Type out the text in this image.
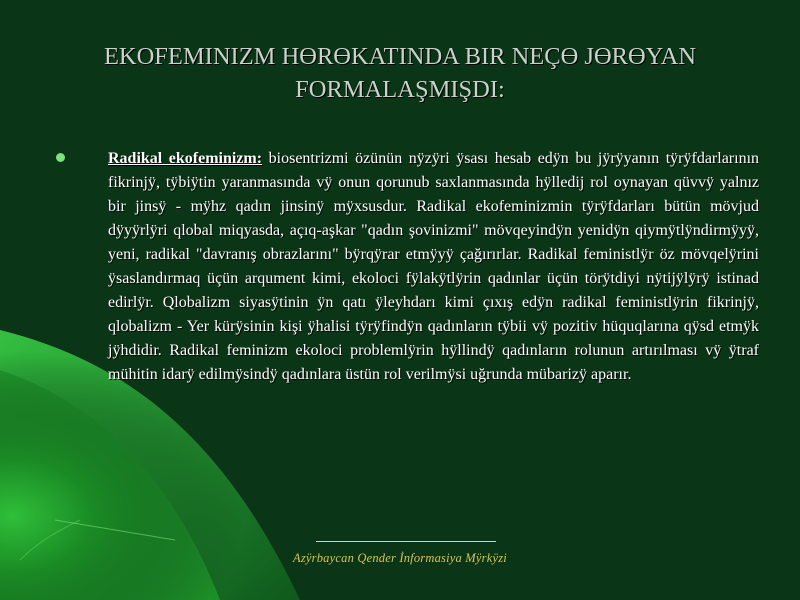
EKOFEMINIZM HӨRӨKATINDA BIR NEÇӨ JӨRӨYAN FORMALAŞMIŞDI:
Radikal ekofeminizm: biosentrizmi özünün nӱzӱri ӱsası hesab edӱn bu jӱrӱyanın tӱrӱfdarlarının fikrinjӱ, tӱbiӱtin yaranmasında vӱ onun qorunub saxlanmasında hӱlledij rol oynayan qüvvӱ yalnız bir jinsӱ - mӱhz qadın jinsinӱ mӱxsusdur. Radikal ekofeminizmin tӱrӱfdarları bütün mövjud dӱyӱrlӱri qlobal miqyasda, açıq-aşkar "qadın şovinizmi" mövqeyindӱn yenidӱn qiymӱtlӱndirmӱyӱ, yeni, radikal "davranış obrazlarını" bӱrqӱrar etmӱyӱ çağırırlar. Radikal feministlӱr öz mövqelӱrini ӱsaslandırmaq üçün arqument kimi, ekoloci fӱlakӱtlӱrin qadınlar üçün törӱtdiyi nӱtijӱlӱrӱ istinad edirlӱr. Qlobalizm siyasӱtinin ӱn qatı ӱleyhdarı kimi çıxış edӱn radikal feministlӱrin fikrinjӱ, qlobalizm - Yer kürӱsinin kişi ӱhalisi tӱrӱfindӱn qadınların tӱbii vӱ pozitiv hüquqlarına qӱsd etmӱk jӱhdidir. Radikal feminizm ekoloci problemlӱrin hӱllindӱ qadınların rolunun artırılması vӱ ӱtraf mühitin idarӱ edilmӱsindӱ qadınlara üstün rol verilmӱsi uğrunda mübarizӱ aparır.
Azӱrbaycan Qender İnformasiya Mӱrkӱzi
